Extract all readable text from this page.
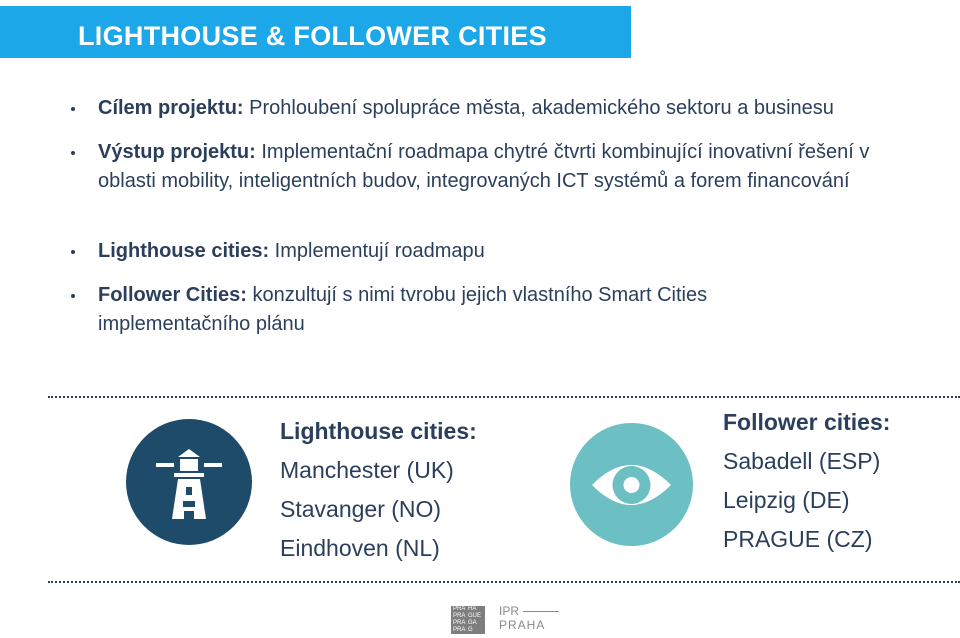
LIGHTHOUSE & FOLLOWER CITIES
Cílem projektu: Prohloubení spolupráce města, akademického sektoru a businesu
Výstup projektu: Implementační roadmapa chytré čtvrti kombinující inovativní řešení v oblasti mobility, inteligentních budov, integrovaných ICT systémů a forem financování
Lighthouse cities: Implementují roadmapu
Follower Cities: konzultují s nimi tvrobu jejich vlastního Smart Cities implementačního plánu
Lighthouse cities:
Manchester (UK)
Stavanger (NO)
Eindhoven (NL)
Follower cities:
Sabadell (ESP)
Leipzig (DE)
PRAGUE (CZ)
PRA HA
PRA GUE
PRA GA
PRA G
IPR
PRAHA
